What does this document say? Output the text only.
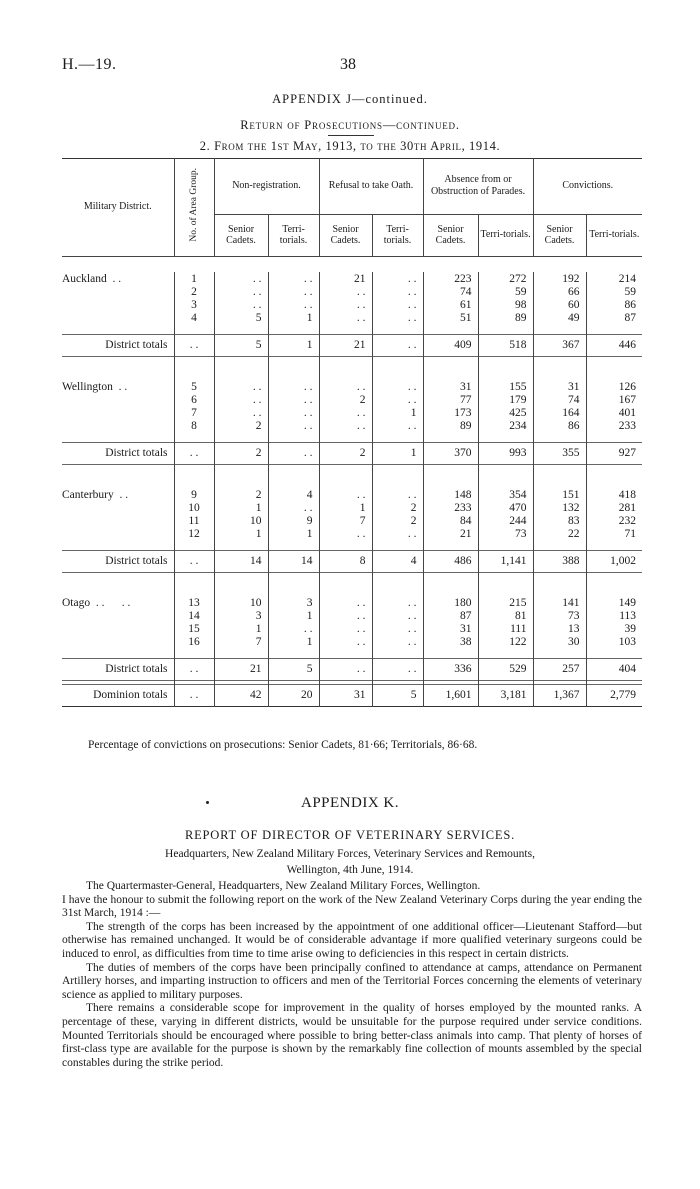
H.—19.	38
APPENDIX J—continued.
Return of Prosecutions—continued.
2. From the 1st May, 1913, to the 30th April, 1914.
Military District.	No. of Area Group.	Non-registration.		Refusal to take Oath.		Absence from or Obstruction of Parades.		Convictions.	
		Senior Cadets.	Terri-torials.	Senior Cadets.	Terri-torials.	Senior Cadets.	Terri-torials.	Senior Cadets.	Terri-torials.

Auckland  . .	1	. .	. .	21	. .	223	272	192	214
	2	. .	. .	. .	. .	74	59	66	59
	3	. .	. .	. .	. .	61	98	60	86
	4	5	1	. .	. .	51	89	49	87

District totals	. .	5	1	21	. .	409	518	367	446

Wellington  . .	5	. .	. .	. .	. .	31	155	31	126
	6	. .	. .	2	. .	77	179	74	167
	7	. .	. .	. .	1	173	425	164	401
	8	2	. .	. .	. .	89	234	86	233

District totals	. .	2	. .	2	1	370	993	355	927

Canterbury  . .	9	2	4	. .	. .	148	354	151	418
	10	1	. .	1	2	233	470	132	281
	11	10	9	7	2	84	244	83	232
	12	1	1	. .	. .	21	73	22	71

District totals	. .	14	14	8	4	486	1,141	388	1,002

Otago  . .      . .	13	10	3	. .	. .	180	215	141	149
	14	3	1	. .	. .	87	81	73	113
	15	1	. .	. .	. .	31	111	13	39
	16	7	1	. .	. .	38	122	30	103

District totals	. .	21	5	. .	. .	336	529	257	404

Dominion totals	. .	42	20	31	5	1,601	3,181	1,367	2,779
Percentage of convictions on prosecutions: Senior Cadets, 81·66; Territorials, 86·68.
APPENDIX K.
REPORT OF DIRECTOR OF VETERINARY SERVICES.
Headquarters, New Zealand Military Forces, Veterinary Services and Remounts,
Wellington, 4th June, 1914.

The Quartermaster-General, Headquarters, New Zealand Military Forces, Wellington.

I have the honour to submit the following report on the work of the New Zealand Veterinary Corps during the year ending the 31st March, 1914 :—

The strength of the corps has been increased by the appointment of one additional officer—Lieutenant Stafford—but otherwise has remained unchanged. It would be of considerable advantage if more qualified veterinary surgeons could be induced to enrol, as difficulties from time to time arise owing to deficiencies in this respect in certain districts.

The duties of members of the corps have been principally confined to attendance at camps, attendance on Permanent Artillery horses, and imparting instruction to officers and men of the Territorial Forces concerning the elements of veterinary science as applied to military purposes.

There remains a considerable scope for improvement in the quality of horses employed by the mounted ranks. A percentage of these, varying in different districts, would be unsuitable for the purpose required under service conditions. Mounted Territorials should be encouraged where possible to bring better-class animals into camp. That plenty of horses of first-class type are available for the purpose is shown by the remarkably fine collection of mounts assembled by the special constables during the strike period.
